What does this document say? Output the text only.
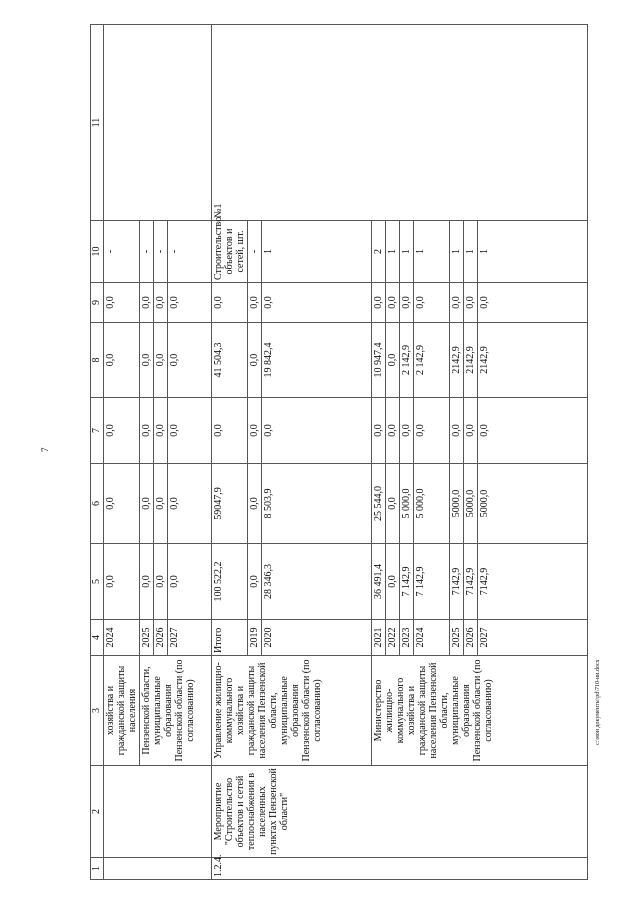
7
c:\мои документы\pd\710-ии.docx
1	2	3	4	5	6	7	8	9	10	11
		хозяйства и гражданской защиты населения	2024	0,0	0,0	0,0	0,0	0,0	-	
		Пензенской области, муниципальные образования Пензенской области (по согласованию)	2025	0,0	0,0	0,0	0,0	0,0	-	
			2026	0,0	0,0	0,0	0,0	0,0	-	
			2027	0,0	0,0	0,0	0,0	0,0	-	
1.2.4.	Мероприятие "Строительство объектов и сетей теплоснабжения в населенных пунктах Пензенской области"	Управление жилищно-коммунального хозяйства и гражданской защиты населения Пензенской области, муниципальные образования Пензенской области (по согласованию)	Итого	100 522,2	59047,9	0,0	41 504,3	0,0	Строительство объектов и сетей, шт.	№1
			2019	0,0	0,0	0,0	0,0	0,0	-	
			2020	28 346,3	8 503,9	0,0	19 842,4	0,0	1	
		Министерство жилищно-коммунального хозяйства и гражданской защиты населения Пензенской области, муниципальные образования Пензенской области (по согласованию)	2021	36 491,4	25 544,0	0,0	10 947,4	0,0	2	
			2022	0,0	0,0	0,0	0,0	0,0	1	
			2023	7 142,9	5 000,0	0,0	2 142,9	0,0	1	
			2024	7 142,9	5 000,0	0,0	2 142,9	0,0	1	
			2025	7142,9	5000,0	0,0	2142,9	0,0	1	
			2026	7142,9	5000,0	0,0	2142,9	0,0	1	
			2027	7142,9	5000,0	0,0	2142,9	0,0	1	
